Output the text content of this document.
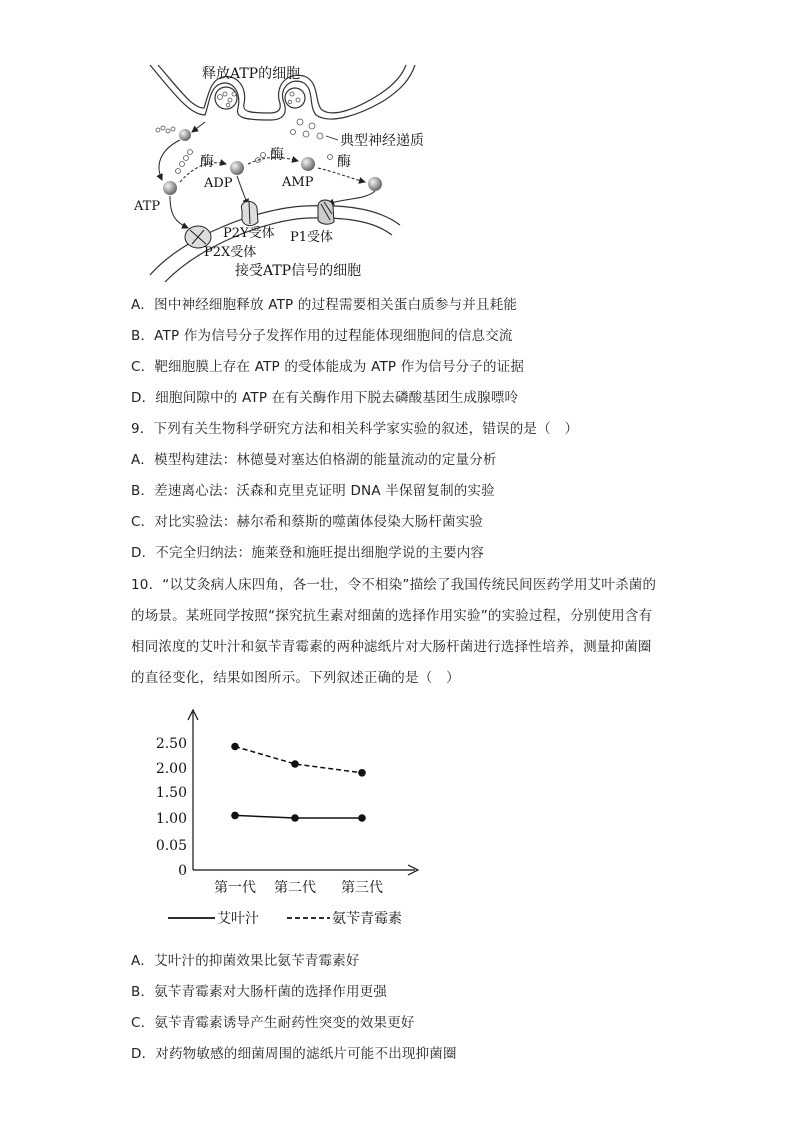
典型神经递质
释放ATP的细胞
酶	酶	酶
ADP	AMP
ATP
P2Y受体 P1受体
P2X受体
接受ATP信号的细胞
A．图中神经细胞释放 ATP 的过程需要相关蛋白质参与并且耗能
B．ATP 作为信号分子发挥作用的过程能体现细胞间的信息交流
C．靶细胞膜上存在 ATP 的受体能成为 ATP 作为信号分子的证据
D．细胞间隙中的 ATP 在有关酶作用下脱去磷酸基团生成腺嘌呤
9．下列有关生物科学研究方法和相关科学家实验的叙述，错误的是（　）
A．模型构建法：林德曼对塞达伯格湖的能量流动的定量分析
B．差速离心法：沃森和克里克证明 DNA 半保留复制的实验
C．对比实验法：赫尔希和蔡斯的噬菌体侵染大肠杆菌实验
D．不完全归纳法：施莱登和施旺提出细胞学说的主要内容
10．“以艾灸病人床四角，各一壮，令不相染”描绘了我国传统民间医药学用艾叶杀菌的
的场景。某班同学按照“探究抗生素对细菌的选择作用实验”的实验过程，分别使用含有
相同浓度的艾叶汁和氨苄青霉素的两种滤纸片对大肠杆菌进行选择性培养，测量抑菌圈
的直径变化，结果如图所示。下列叙述正确的是（　）
0
0.05
1.00
1.50
2.00
2.50
第一代 第二代 第三代
艾叶汁	氨苄青霉素
A．艾叶汁的抑菌效果比氨苄青霉素好
B．氨苄青霉素对大肠杆菌的选择作用更强
C．氨苄青霉素诱导产生耐药性突变的效果更好
D．对药物敏感的细菌周围的滤纸片可能不出现抑菌圈
